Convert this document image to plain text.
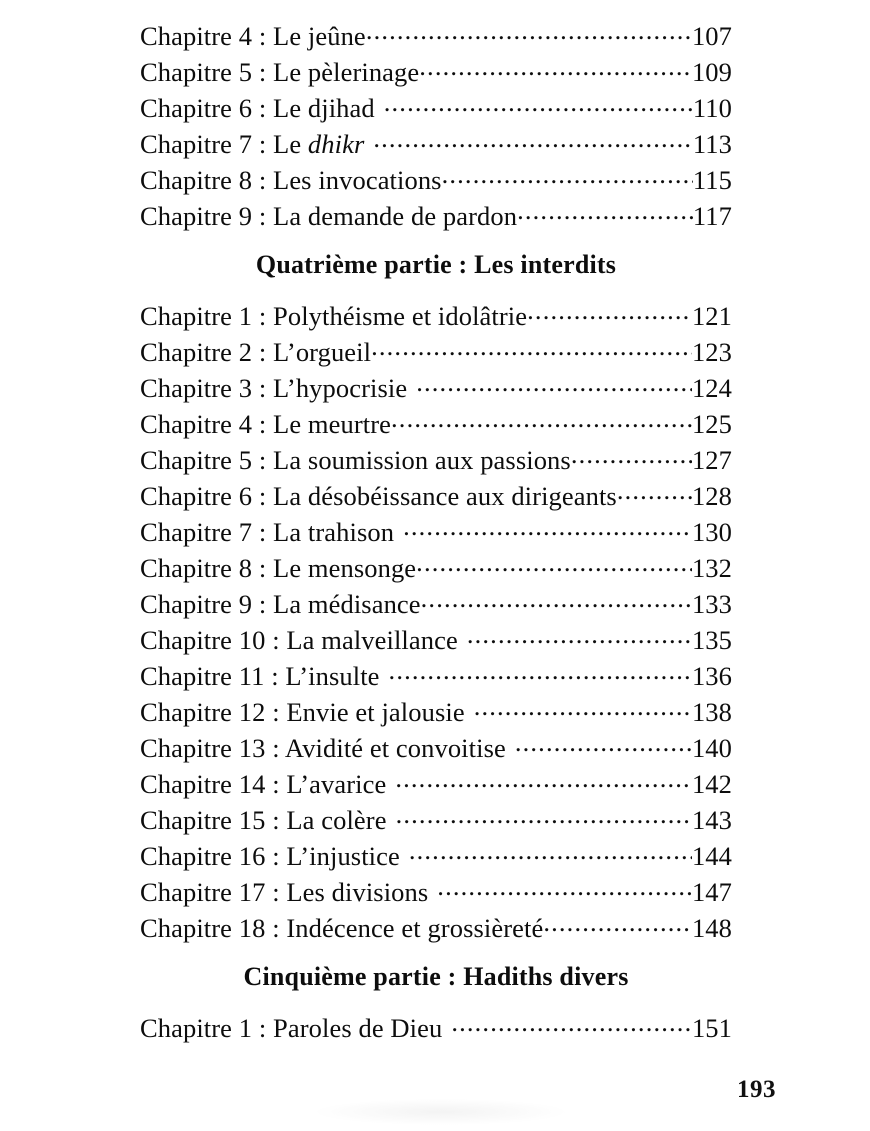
Chapitre 4 : Le jeûne .....	107
Chapitre 5 : Le pèlerinage .....	109
Chapitre 6 : Le djihad .....	110
Chapitre 7 : Le dhikr .....	113
Chapitre 8 : Les invocations .....	115
Chapitre 9 : La demande de pardon .....	117
Quatrième partie : Les interdits
Chapitre 1 : Polythéisme et idolâtrie .....	121
Chapitre 2 : L’orgueil .....	123
Chapitre 3 : L’hypocrisie .....	124
Chapitre 4 : Le meurtre .....	125
Chapitre 5 : La soumission aux passions .....	127
Chapitre 6 : La désobéissance aux dirigeants .....	128
Chapitre 7 : La trahison .....	130
Chapitre 8 : Le mensonge .....	132
Chapitre 9 : La médisance .....	133
Chapitre 10 : La malveillance .....	135
Chapitre 11 : L’insulte .....	136
Chapitre 12 : Envie et jalousie .....	138
Chapitre 13 : Avidité et convoitise .....	140
Chapitre 14 : L’avarice .....	142
Chapitre 15 : La colère .....	143
Chapitre 16 : L’injustice .....	144
Chapitre 17 : Les divisions .....	147
Chapitre 18 : Indécence et grossièreté .....	148
Cinquième partie : Hadiths divers
Chapitre 1 : Paroles de Dieu .....	151
193
